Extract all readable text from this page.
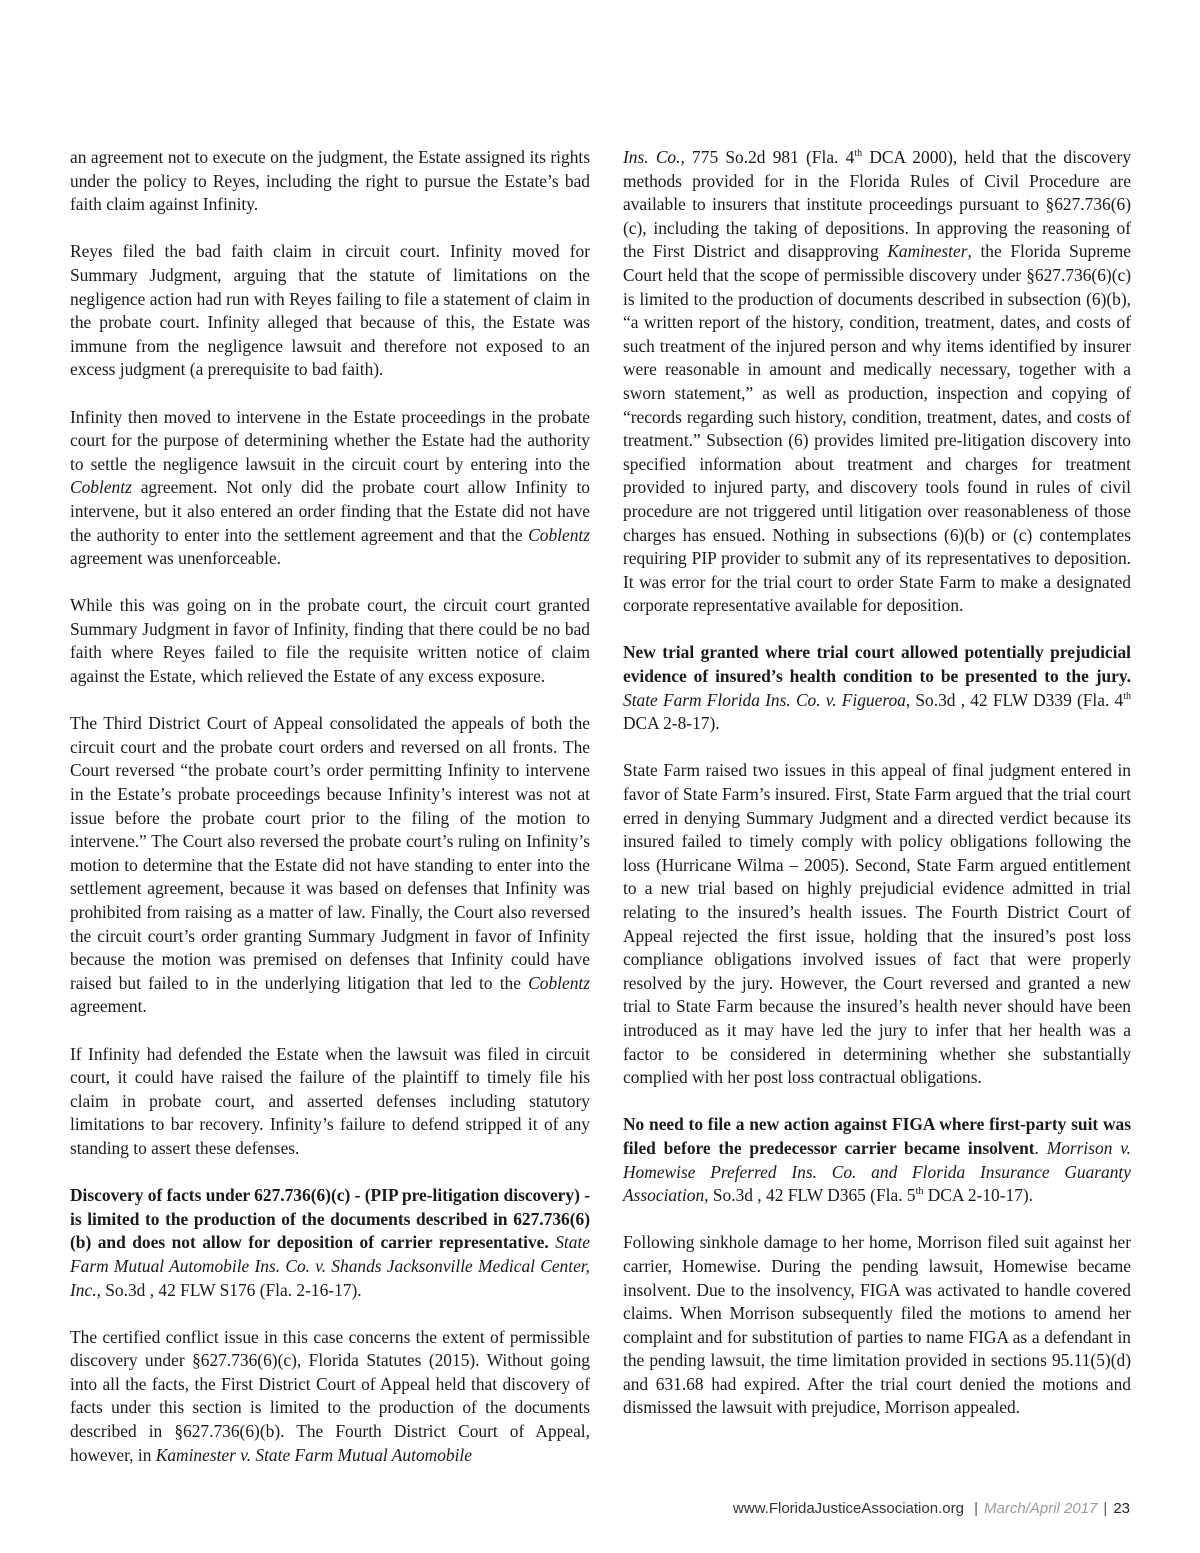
an agreement not to execute on the judgment, the Estate assigned its rights under the policy to Reyes, including the right to pursue the Estate’s bad faith claim against Infinity.

Reyes filed the bad faith claim in circuit court. Infinity moved for Summary Judgment, arguing that the statute of limitations on the negligence action had run with Reyes failing to file a statement of claim in the probate court. Infinity alleged that because of this, the Estate was immune from the negligence lawsuit and therefore not exposed to an excess judgment (a prerequisite to bad faith).

Infinity then moved to intervene in the Estate proceedings in the probate court for the purpose of determining whether the Estate had the authority to settle the negligence lawsuit in the circuit court by entering into the Coblentz agreement. Not only did the probate court allow Infinity to intervene, but it also entered an order finding that the Estate did not have the authority to enter into the settlement agreement and that the Coblentz agreement was unenforceable.

While this was going on in the probate court, the circuit court granted Summary Judgment in favor of Infinity, finding that there could be no bad faith where Reyes failed to file the requisite written notice of claim against the Estate, which relieved the Estate of any excess exposure.

The Third District Court of Appeal consolidated the appeals of both the circuit court and the probate court orders and reversed on all fronts. The Court reversed “the probate court’s order permitting Infinity to intervene in the Estate’s probate proceedings because Infinity’s interest was not at issue before the probate court prior to the filing of the motion to intervene.” The Court also reversed the probate court’s ruling on Infinity’s motion to determine that the Estate did not have standing to enter into the settlement agreement, because it was based on defenses that Infinity was prohibited from raising as a matter of law. Finally, the Court also reversed the circuit court’s order granting Summary Judgment in favor of Infinity because the motion was premised on defenses that Infinity could have raised but failed to in the underlying litigation that led to the Coblentz agreement.

If Infinity had defended the Estate when the lawsuit was filed in circuit court, it could have raised the failure of the plaintiff to timely file his claim in probate court, and asserted defenses including statutory limitations to bar recovery. Infinity’s failure to defend stripped it of any standing to assert these defenses.

Discovery of facts under 627.736(6)(c) - (PIP pre-litigation discovery) - is limited to the production of the documents described in 627.736(6)(b) and does not allow for deposition of carrier representative. State Farm Mutual Automobile Ins. Co. v. Shands Jacksonville Medical Center, Inc., So.3d , 42 FLW S176 (Fla. 2-16-17).

The certified conflict issue in this case concerns the extent of permissible discovery under §627.736(6)(c), Florida Statutes (2015). Without going into all the facts, the First District Court of Appeal held that discovery of facts under this section is limited to the production of the documents described in §627.736(6)(b). The Fourth District Court of Appeal, however, in Kaminester v. State Farm Mutual Automobile

Ins. Co., 775 So.2d 981 (Fla. 4th DCA 2000), held that the discovery methods provided for in the Florida Rules of Civil Procedure are available to insurers that institute proceedings pursuant to §627.736(6)(c), including the taking of depositions. In approving the reasoning of the First District and disapproving Kaminester, the Florida Supreme Court held that the scope of permissible discovery under §627.736(6)(c) is limited to the production of documents described in subsection (6)(b), “a written report of the history, condition, treatment, dates, and costs of such treatment of the injured person and why items identified by insurer were reasonable in amount and medically necessary, together with a sworn statement,” as well as production, inspection and copying of “records regarding such history, condition, treatment, dates, and costs of treatment.” Subsection (6) provides limited pre-litigation discovery into specified information about treatment and charges for treatment provided to injured party, and discovery tools found in rules of civil procedure are not triggered until litigation over reasonableness of those charges has ensued. Nothing in subsections (6)(b) or (c) contemplates requiring PIP provider to submit any of its representatives to deposition. It was error for the trial court to order State Farm to make a designated corporate representative available for deposition.

New trial granted where trial court allowed potentially prejudicial evidence of insured’s health condition to be presented to the jury. State Farm Florida Ins. Co. v. Figueroa, So.3d , 42 FLW D339 (Fla. 4th DCA 2-8-17).

State Farm raised two issues in this appeal of final judgment entered in favor of State Farm’s insured. First, State Farm argued that the trial court erred in denying Summary Judgment and a directed verdict because its insured failed to timely comply with policy obligations following the loss (Hurricane Wilma – 2005). Second, State Farm argued entitlement to a new trial based on highly prejudicial evidence admitted in trial relating to the insured’s health issues. The Fourth District Court of Appeal rejected the first issue, holding that the insured’s post loss compliance obligations involved issues of fact that were properly resolved by the jury. However, the Court reversed and granted a new trial to State Farm because the insured’s health never should have been introduced as it may have led the jury to infer that her health was a factor to be considered in determining whether she substantially complied with her post loss contractual obligations.

No need to file a new action against FIGA where first-party suit was filed before the predecessor carrier became insolvent. Morrison v. Homewise Preferred Ins. Co. and Florida Insurance Guaranty Association, So.3d , 42 FLW D365 (Fla. 5th DCA 2-10-17).

Following sinkhole damage to her home, Morrison filed suit against her carrier, Homewise. During the pending lawsuit, Homewise became insolvent. Due to the insolvency, FIGA was activated to handle covered claims. When Morrison subsequently filed the motions to amend her complaint and for substitution of parties to name FIGA as a defendant in the pending lawsuit, the time limitation provided in sections 95.11(5)(d) and 631.68 had expired. After the trial court denied the motions and dismissed the lawsuit with prejudice, Morrison appealed.

www.FloridaJusticeAssociation.org | March/April 2017 | 23
